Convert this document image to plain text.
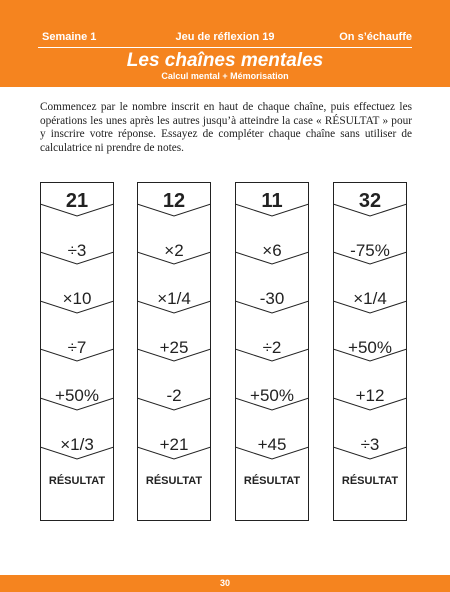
Semaine 1	Jeu de réflexion 19	On s’échauffe
Les chaînes mentales
Calcul mental + Mémorisation

Commencez par le nombre inscrit en haut de chaque chaîne, puis effectuez les opérations les unes après les autres jusqu’à atteindre la case « RÉSULTAT » pour y inscrire votre réponse. Essayez de compléter chaque chaîne sans utiliser de calculatrice ni prendre de notes.

21
÷3
×10
÷7
+50%
×1/3
RÉSULTAT
12
×2
×1/4
+25
-2
+21
RÉSULTAT
11
×6
-30
÷2
+50%
+45
RÉSULTAT
32
-75%
×1/4
+50%
+12
÷3
RÉSULTAT
30
